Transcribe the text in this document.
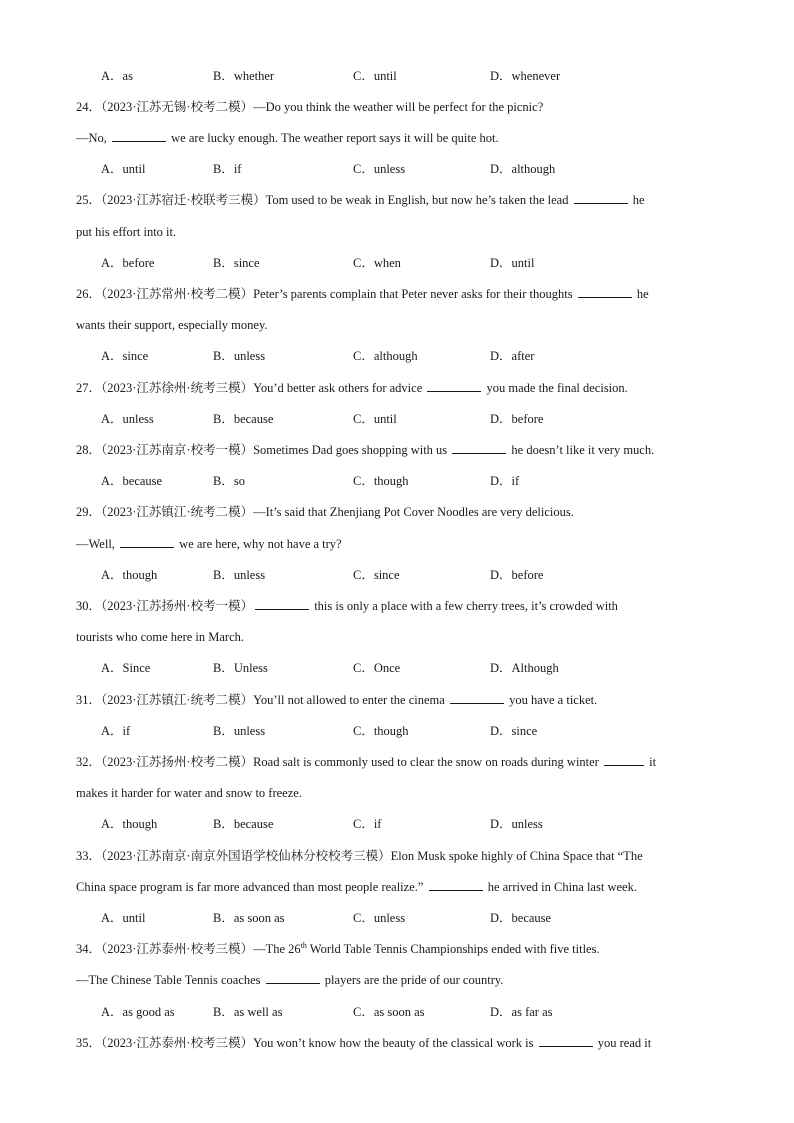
A．as	B．whether	C．until	D．whenever
24．（2023·江苏无锡·校考二模）—Do you think the weather will be perfect for the picnic?
—No,	we are lucky enough. The weather report says it will be quite hot.
A．until	B．if	C．unless	D．although
25．（2023·江苏宿迁·校联考三模）Tom used to be weak in English, but now he’s taken the lead	he
put his effort into it.
A．before	B．since	C．when	D．until
26．（2023·江苏常州·校考二模）Peter’s parents complain that Peter never asks for their thoughts	he
wants their support, especially money.
A．since	B．unless	C．although	D．after
27．（2023·江苏徐州·统考三模）You’d better ask others for advice	you made the final decision.
A．unless	B．because	C．until	D．before
28．（2023·江苏南京·校考一模）Sometimes Dad goes shopping with us	he doesn’t like it very much.
A．because	B．so	C．though	D．if
29．（2023·江苏镇江·统考二模）—It’s said that Zhenjiang Pot Cover Noodles are very delicious.
—Well,	we are here, why not have a try?
A．though	B．unless	C．since	D．before
30．（2023·江苏扬州·校考一模）	this is only a place with a few cherry trees, it’s crowded with
tourists who come here in March.
A．Since	B．Unless	C．Once	D．Although
31．（2023·江苏镇江·统考二模）You’ll not allowed to enter the cinema	you have a ticket.
A．if	B．unless	C．though	D．since
32．（2023·江苏扬州·校考二模）Road salt is commonly used to clear the snow on roads during winter	it
makes it harder for water and snow to freeze.
A．though	B．because	C．if	D．unless
33．（2023·江苏南京·南京外国语学校仙林分校校考三模）Elon Musk spoke highly of China Space that “The
China space program is far more advanced than most people realize.”	he arrived in China last week.
A．until	B．as soon as	C．unless	D．because
34．（2023·江苏泰州·校考三模）—The 26th World Table Tennis Championships ended with five titles.
—The Chinese Table Tennis coaches	players are the pride of our country.
A．as good as	B．as well as	C．as soon as	D．as far as
35．（2023·江苏泰州·校考三模）You won’t know how the beauty of the classical work is	you read it
